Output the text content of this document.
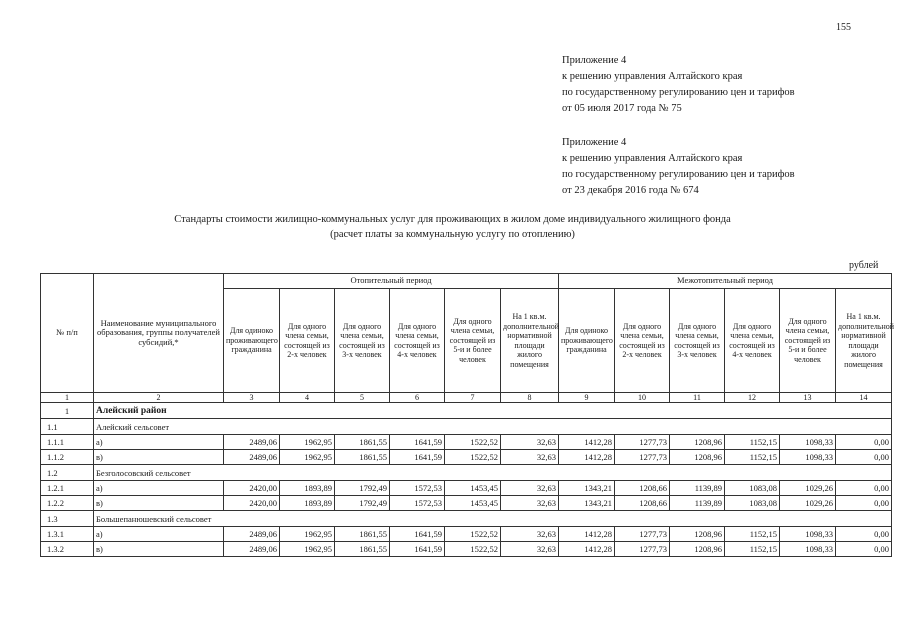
155
Приложение 4
к решению управления Алтайского края
по государственному регулированию цен и тарифов
от 05 июля 2017 года № 75
Приложение 4
к решению управления Алтайского края
по государственному регулированию цен и тарифов
от 23 декабря 2016 года № 674
Стандарты стоимости жилищно-коммунальных услуг для проживающих в жилом доме индивидуального жилищного фонда
(расчет платы за коммунальную услугу по отоплению)
рублей
№ п/п	Наименование муниципального образования, группы получателей субсидий,*	Отопительный период						Межотопительный период					
		Для одиноко проживающего гражданина	Для одного члена семьи, состоящей из 2-х человек	Для одного члена семьи, состоящей из 3-х человек	Для одного члена семьи, состоящей из 4-х человек	Для одного члена семьи, состоящей из 5-и и более человек	На 1 кв.м. дополнительной нормативной площади жилого помещения	Для одиноко проживающего гражданина	Для одного члена семьи, состоящей из 2-х человек	Для одного члена семьи, состоящей из 3-х человек	Для одного члена семьи, состоящей из 4-х человек	Для одного члена семьи, состоящей из 5-и и более человек	На 1 кв.м. дополнительной нормативной площади жилого помещения
1	2	3	4	5	6	7	8	9	10	11	12	13	14
1	Алейский район												
1.1	Алейский сельсовет												
1.1.1	а)	2489,06	1962,95	1861,55	1641,59	1522,52	32,63	1412,28	1277,73	1208,96	1152,15	1098,33	0,00
1.1.2	в)	2489,06	1962,95	1861,55	1641,59	1522,52	32,63	1412,28	1277,73	1208,96	1152,15	1098,33	0,00
1.2	Безголосовский сельсовет												
1.2.1	а)	2420,00	1893,89	1792,49	1572,53	1453,45	32,63	1343,21	1208,66	1139,89	1083,08	1029,26	0,00
1.2.2	в)	2420,00	1893,89	1792,49	1572,53	1453,45	32,63	1343,21	1208,66	1139,89	1083,08	1029,26	0,00
1.3	Большепанюшевский сельсовет												
1.3.1	а)	2489,06	1962,95	1861,55	1641,59	1522,52	32,63	1412,28	1277,73	1208,96	1152,15	1098,33	0,00
1.3.2	в)	2489,06	1962,95	1861,55	1641,59	1522,52	32,63	1412,28	1277,73	1208,96	1152,15	1098,33	0,00
